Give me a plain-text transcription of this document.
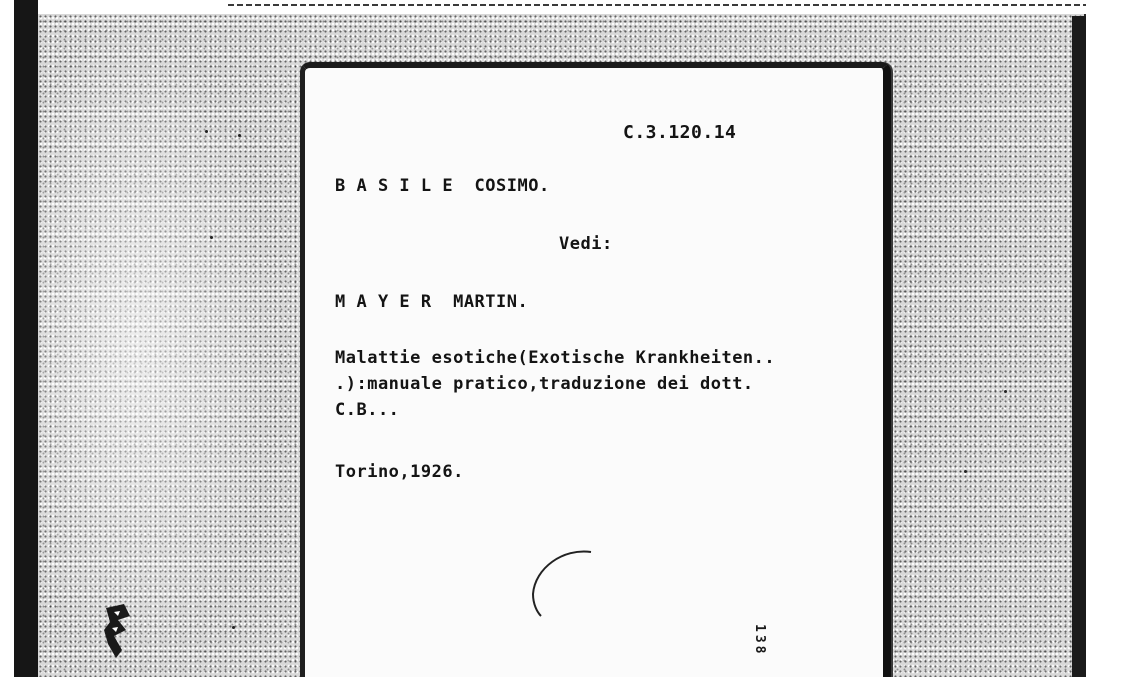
C.3.120.14
B A S I L E  COSIMO.
Vedi:
M A Y E R  MARTIN.
Malattie esotiche(Exotische Krankheiten..
.):manuale pratico,traduzione dei dott.
C.B...
Torino,1926.
138
